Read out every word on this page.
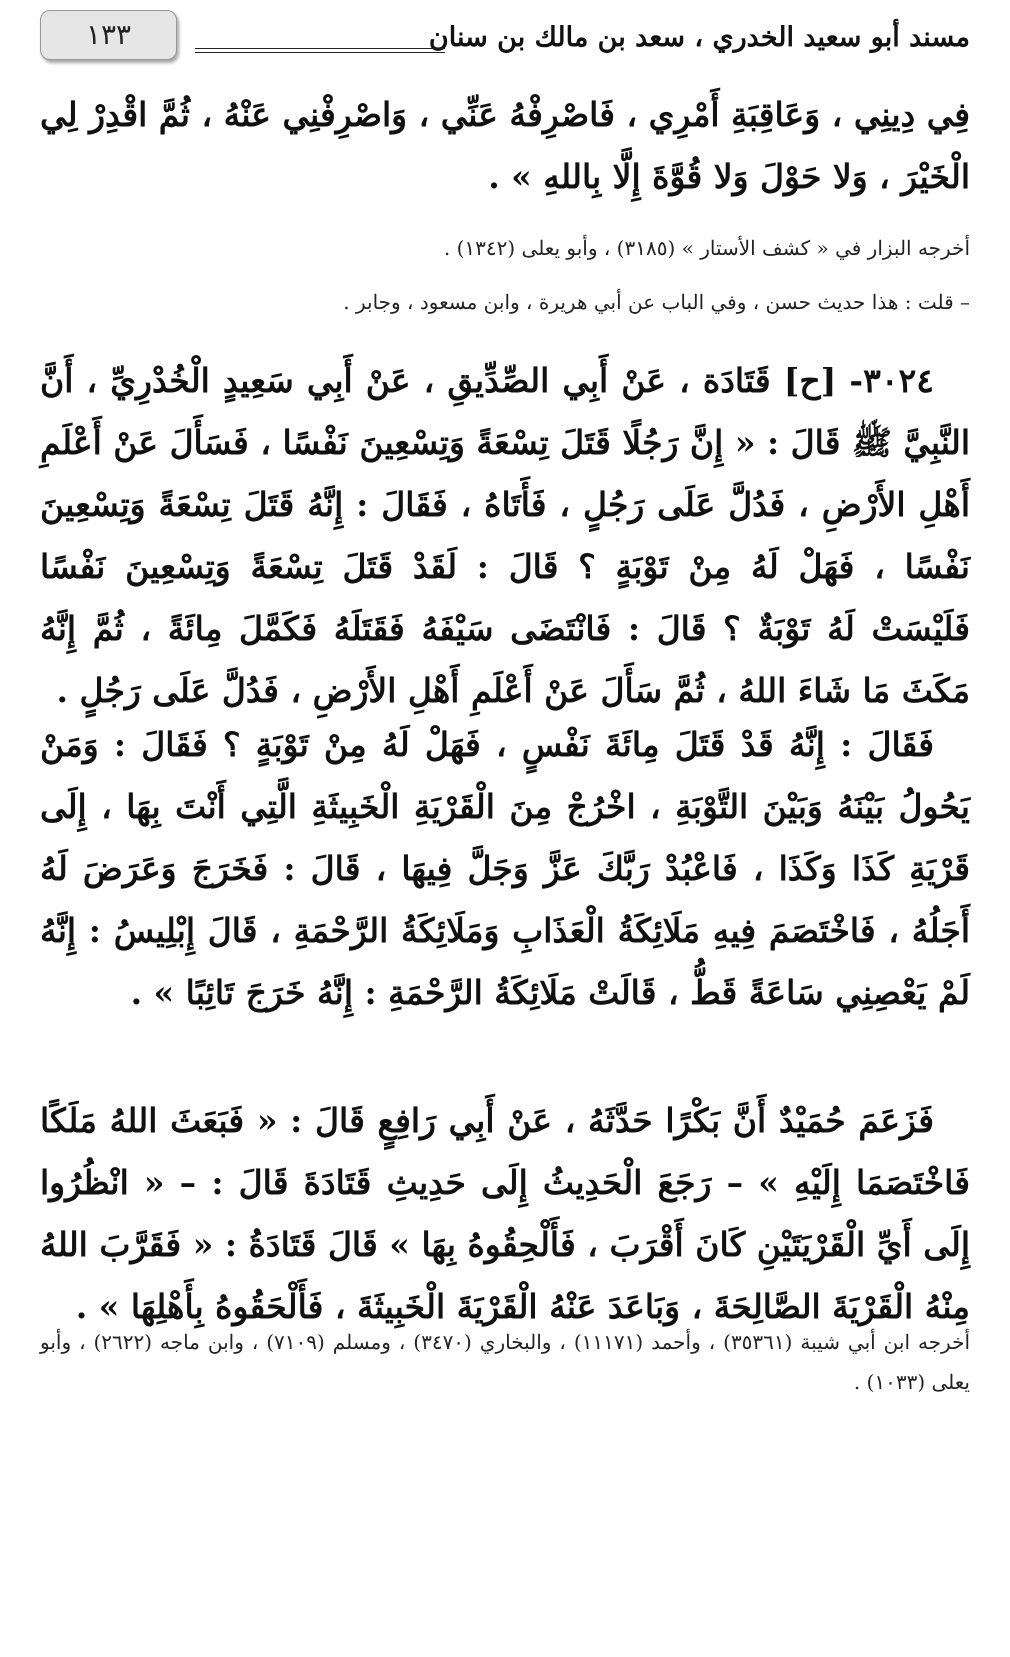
مسند أبو سعيد الخدري ، سعد بن مالك بن سنان
١٣٣
فِي دِينِي ، وَعَاقِبَةِ أَمْرِي ، فَاصْرِفْهُ عَنِّي ، وَاصْرِفْنِي عَنْهُ ، ثُمَّ اقْدِرْ لِي الْخَيْرَ ، وَلا حَوْلَ وَلا قُوَّةَ إِلَّا بِاللهِ » .
أخرجه البزار في « كشف الأستار » (٣١٨٥) ، وأبو يعلى (١٣٤٢) .
– قلت : هذا حديث حسن ، وفي الباب عن أبي هريرة ، وابن مسعود ، وجابر .
٣٠٢٤- [ح] قَتَادَة ، عَنْ أَبِي الصِّدِّيقِ ، عَنْ أَبِي سَعِيدٍ الْخُدْرِيِّ ، أَنَّ النَّبِيَّ ﷺ قَالَ : « إِنَّ رَجُلًا قَتَلَ تِسْعَةً وَتِسْعِينَ نَفْسًا ، فَسَأَلَ عَنْ أَعْلَمِ أَهْلِ الأَرْضِ ، فَدُلَّ عَلَى رَجُلٍ ، فَأَتَاهُ ، فَقَالَ : إِنَّهُ قَتَلَ تِسْعَةً وَتِسْعِينَ نَفْسًا ، فَهَلْ لَهُ مِنْ تَوْبَةٍ ؟ قَالَ : لَقَدْ قَتَلَ تِسْعَةً وَتِسْعِينَ نَفْسًا فَلَيْسَتْ لَهُ تَوْبَةٌ ؟ قَالَ : فَانْتَضَى سَيْفَهُ فَقَتَلَهُ فَكَمَّلَ مِائَةً ، ثُمَّ إِنَّهُ مَكَثَ مَا شَاءَ اللهُ ، ثُمَّ سَأَلَ عَنْ أَعْلَمِ أَهْلِ الأَرْضِ ، فَدُلَّ عَلَى رَجُلٍ .
فَقَالَ : إِنَّهُ قَدْ قَتَلَ مِائَةَ نَفْسٍ ، فَهَلْ لَهُ مِنْ تَوْبَةٍ ؟ فَقَالَ : وَمَنْ يَحُولُ بَيْنَهُ وَبَيْنَ التَّوْبَةِ ، اخْرُجْ مِنَ الْقَرْيَةِ الْخَبِيثَةِ الَّتِي أَنْتَ بِهَا ، إِلَى قَرْيَةِ كَذَا وَكَذَا ، فَاعْبُدْ رَبَّكَ عَزَّ وَجَلَّ فِيهَا ، قَالَ : فَخَرَجَ وَعَرَضَ لَهُ أَجَلُهُ ، فَاخْتَصَمَ فِيهِ مَلَائِكَةُ الْعَذَابِ وَمَلَائِكَةُ الرَّحْمَةِ ، قَالَ إِبْلِيسُ : إِنَّهُ لَمْ يَعْصِنِي سَاعَةً قَطُّ ، قَالَتْ مَلَائِكَةُ الرَّحْمَةِ : إِنَّهُ خَرَجَ تَائِبًا » .
فَزَعَمَ حُمَيْدٌ أَنَّ بَكْرًا حَدَّثَهُ ، عَنْ أَبِي رَافِعٍ قَالَ : « فَبَعَثَ اللهُ مَلَكًا فَاخْتَصَمَا إِلَيْهِ » – رَجَعَ الْحَدِيثُ إِلَى حَدِيثِ قَتَادَةَ قَالَ : – « انْظُرُوا إِلَى أَيِّ الْقَرْيَتَيْنِ كَانَ أَقْرَبَ ، فَأَلْحِقُوهُ بِهَا » قَالَ قَتَادَةُ : « فَقَرَّبَ اللهُ مِنْهُ الْقَرْيَةَ الصَّالِحَةَ ، وَبَاعَدَ عَنْهُ الْقَرْيَةَ الْخَبِيثَةَ ، فَأَلْحَقُوهُ بِأَهْلِهَا » .
أخرجه ابن أبي شيبة (٣٥٣٦١) ، وأحمد (١١١٧١) ، والبخاري (٣٤٧٠) ، ومسلم (٧١٠٩) ، وابن ماجه (٢٦٢٢) ، وأبو يعلى (١٠٣٣) .
